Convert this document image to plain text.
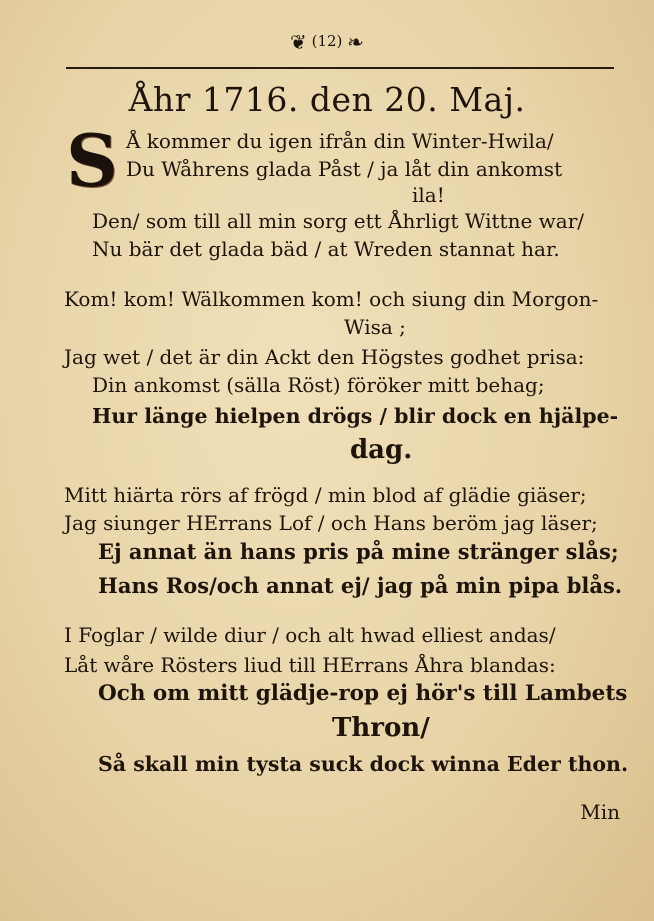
❦ (12) ❧
Åhr 1716. den 20. Maj.
S Å kommer du igen ifrån din Winter-Hwila/
Du Wåhrens glada Påst / ja låt din ankomst
ila!
Den/ som till all min sorg ett Åhrligt Wittne war/
Nu bär det glada bäd / at Wreden stannat har.
Kom! kom! Wälkommen kom! och siung din Morgon-
Wisa ;
Jag wet / det är din Ackt den Högstes godhet prisa:
Din ankomst (sälla Röst) föröker mitt behag;
Hur länge hielpen drögs / blir dock en hjälpe-
dag.
Mitt hiärta rörs af frögd / min blod af glädie giäser;
Jag siunger HErrans Lof / och Hans beröm jag läser;
Ej annat än hans pris på mine stränger slås;
Hans Ros/och annat ej/ jag på min pipa blås.
I Foglar / wilde diur / och alt hwad elliest andas/
Låt wåre Rösters liud till HErrans Åhra blandas:
Och om mitt glädje-rop ej hör's till Lambets
Thron/
Så skall min tysta suck dock winna Eder thon.
Min
